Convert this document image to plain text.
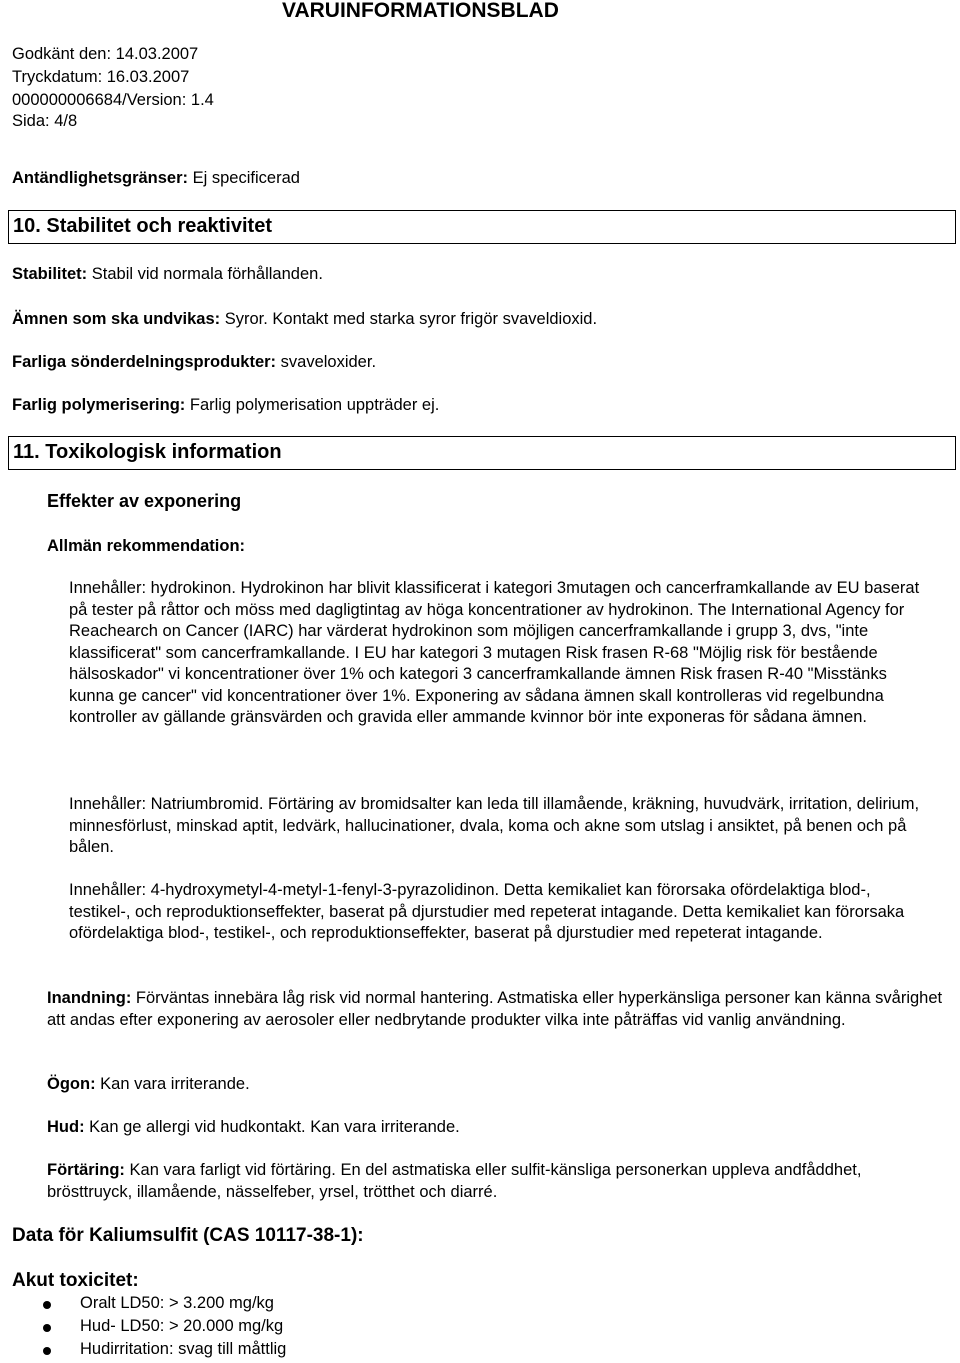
VARUINFORMATIONSBLAD
Godkänt den: 14.03.2007
Tryckdatum: 16.03.2007
000000006684/Version: 1.4
Sida: 4/8
Antändlighetsgränser: Ej specificerad
10. Stabilitet och reaktivitet
Stabilitet: Stabil vid normala förhållanden.
Ämnen som ska undvikas: Syror. Kontakt med starka syror frigör svaveldioxid.
Farliga sönderdelningsprodukter: svaveloxider.
Farlig polymerisering: Farlig polymerisation uppträder ej.
11. Toxikologisk information
Effekter av exponering
Allmän rekommendation:
Innehåller: hydrokinon. Hydrokinon har blivit klassificerat i kategori 3mutagen och cancerframkallande av EU baserat på tester på råttor och möss med dagligtintag av höga koncentrationer av hydrokinon. The International Agency for Reachearch on Cancer (IARC) har värderat hydrokinon som möjligen cancerframkallande i grupp 3, dvs, "inte klassificerat" som cancerframkallande. I EU har kategori 3 mutagen Risk frasen R-68 "Möjlig risk för bestående hälsoskador" vi koncentrationer över 1% och kategori 3 cancerframkallande ämnen Risk frasen R-40 "Misstänks kunna ge cancer" vid koncentrationer över 1%. Exponering av sådana ämnen skall kontrolleras vid regelbundna kontroller av gällande gränsvärden och gravida eller ammande kvinnor bör inte exponeras för sådana ämnen.
Innehåller: Natriumbromid. Förtäring av bromidsalter kan leda till illamående, kräkning, huvudvärk, irritation, delirium, minnesförlust, minskad aptit, ledvärk, hallucinationer, dvala, koma och akne som utslag i ansiktet, på benen och på bålen.
Innehåller: 4-hydroxymetyl-4-metyl-1-fenyl-3-pyrazolidinon. Detta kemikaliet kan förorsaka ofördelaktiga blod-, testikel-, och reproduktionseffekter, baserat på djurstudier med repeterat intagande. Detta kemikaliet kan förorsaka ofördelaktiga blod-, testikel-, och reproduktionseffekter, baserat på djurstudier med repeterat intagande.
Inandning: Förväntas innebära låg risk vid normal hantering. Astmatiska eller hyperkänsliga personer kan känna svårighet att andas efter exponering av aerosoler eller nedbrytande produkter vilka inte påträffas vid vanlig användning.
Ögon: Kan vara irriterande.
Hud: Kan ge allergi vid hudkontakt. Kan vara irriterande.
Förtäring: Kan vara farligt vid förtäring. En del astmatiska eller sulfit-känsliga personerkan uppleva andfåddhet, brösttruyck, illamående, nässelfeber, yrsel, trötthet och diarré.
Data för Kaliumsulfit (CAS 10117-38-1):
Akut toxicitet:
Oralt LD50: > 3.200 mg/kg
Hud- LD50: > 20.000 mg/kg
Hudirritation: svag till måttlig
